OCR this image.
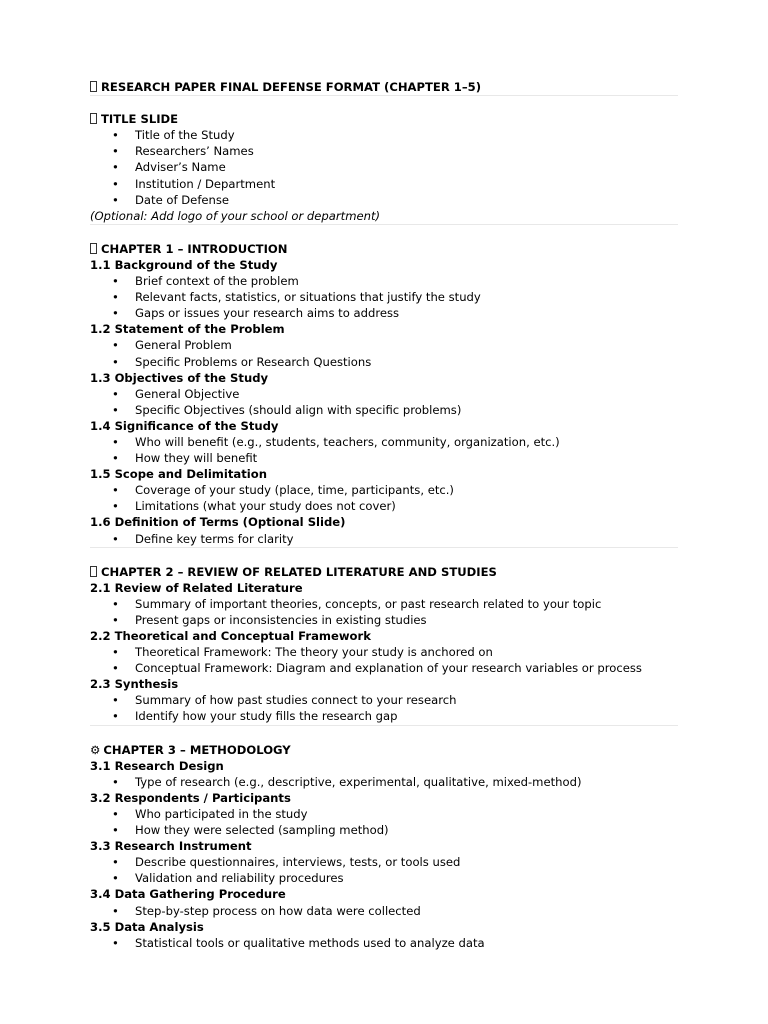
RESEARCH PAPER FINAL DEFENSE FORMAT (CHAPTER 1–5)
TITLE SLIDE
• Title of the Study
• Researchers’ Names
• Adviser’s Name
• Institution / Department
• Date of Defense
(Optional: Add logo of your school or department)
CHAPTER 1 – INTRODUCTION
1.1 Background of the Study
• Brief context of the problem
• Relevant facts, statistics, or situations that justify the study
• Gaps or issues your research aims to address
1.2 Statement of the Problem
• General Problem
• Specific Problems or Research Questions
1.3 Objectives of the Study
• General Objective
• Specific Objectives (should align with specific problems)
1.4 Significance of the Study
• Who will benefit (e.g., students, teachers, community, organization, etc.)
• How they will benefit
1.5 Scope and Delimitation
• Coverage of your study (place, time, participants, etc.)
• Limitations (what your study does not cover)
1.6 Definition of Terms (Optional Slide)
• Define key terms for clarity
CHAPTER 2 – REVIEW OF RELATED LITERATURE AND STUDIES
2.1 Review of Related Literature
• Summary of important theories, concepts, or past research related to your topic
• Present gaps or inconsistencies in existing studies
2.2 Theoretical and Conceptual Framework
• Theoretical Framework: The theory your study is anchored on
• Conceptual Framework: Diagram and explanation of your research variables or process
2.3 Synthesis
• Summary of how past studies connect to your research
• Identify how your study fills the research gap
⚙ CHAPTER 3 – METHODOLOGY
3.1 Research Design
• Type of research (e.g., descriptive, experimental, qualitative, mixed-method)
3.2 Respondents / Participants
• Who participated in the study
• How they were selected (sampling method)
3.3 Research Instrument
• Describe questionnaires, interviews, tests, or tools used
• Validation and reliability procedures
3.4 Data Gathering Procedure
• Step-by-step process on how data were collected
3.5 Data Analysis
• Statistical tools or qualitative methods used to analyze data
